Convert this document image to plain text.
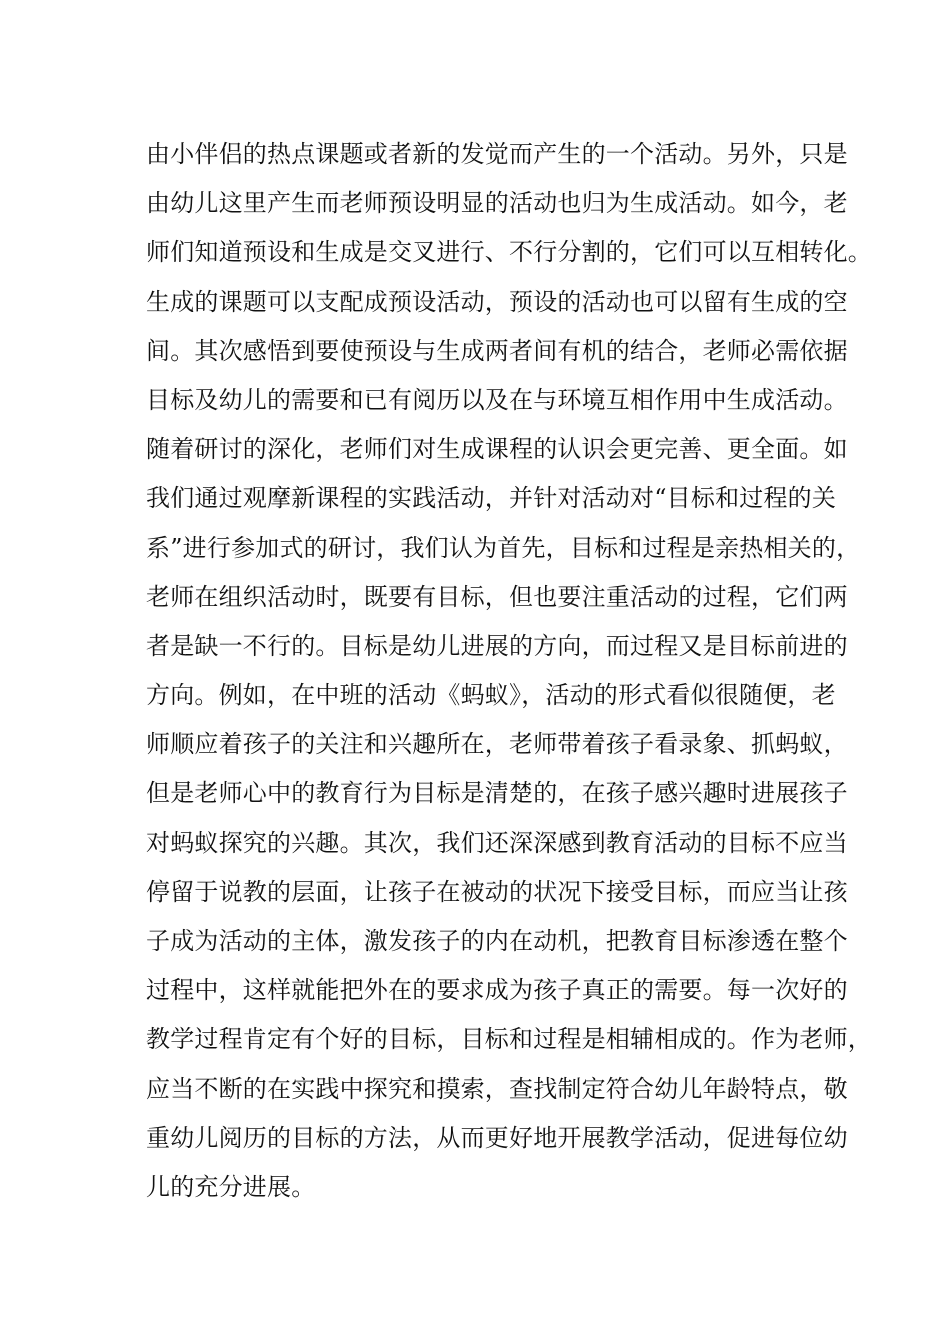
由小伴侣的热点课题或者新的发觉而产生的一个活动。另外，只是
由幼儿这里产生而老师预设明显的活动也归为生成活动。如今，老
师们知道预设和生成是交叉进行、不行分割的，它们可以互相转化。
生成的课题可以支配成预设活动，预设的活动也可以留有生成的空
间。其次感悟到要使预设与生成两者间有机的结合，老师必需依据
目标及幼儿的需要和已有阅历以及在与环境互相作用中生成活动。
随着研讨的深化，老师们对生成课程的认识会更完善、更全面。如
我们通过观摩新课程的实践活动，并针对活动对“目标和过程的关
系”进行参加式的研讨，我们认为首先，目标和过程是亲热相关的，
老师在组织活动时，既要有目标，但也要注重活动的过程，它们两
者是缺一不行的。目标是幼儿进展的方向，而过程又是目标前进的
方向。例如，在中班的活动《蚂蚁》，活动的形式看似很随便，老
师顺应着孩子的关注和兴趣所在，老师带着孩子看录象、抓蚂蚁，
但是老师心中的教育行为目标是清楚的，在孩子感兴趣时进展孩子
对蚂蚁探究的兴趣。其次，我们还深深感到教育活动的目标不应当
停留于说教的层面，让孩子在被动的状况下接受目标，而应当让孩
子成为活动的主体，激发孩子的内在动机，把教育目标渗透在整个
过程中，这样就能把外在的要求成为孩子真正的需要。每一次好的
教学过程肯定有个好的目标，目标和过程是相辅相成的。作为老师，
应当不断的在实践中探究和摸索，查找制定符合幼儿年龄特点，敬
重幼儿阅历的目标的方法，从而更好地开展教学活动，促进每位幼
儿的充分进展。
